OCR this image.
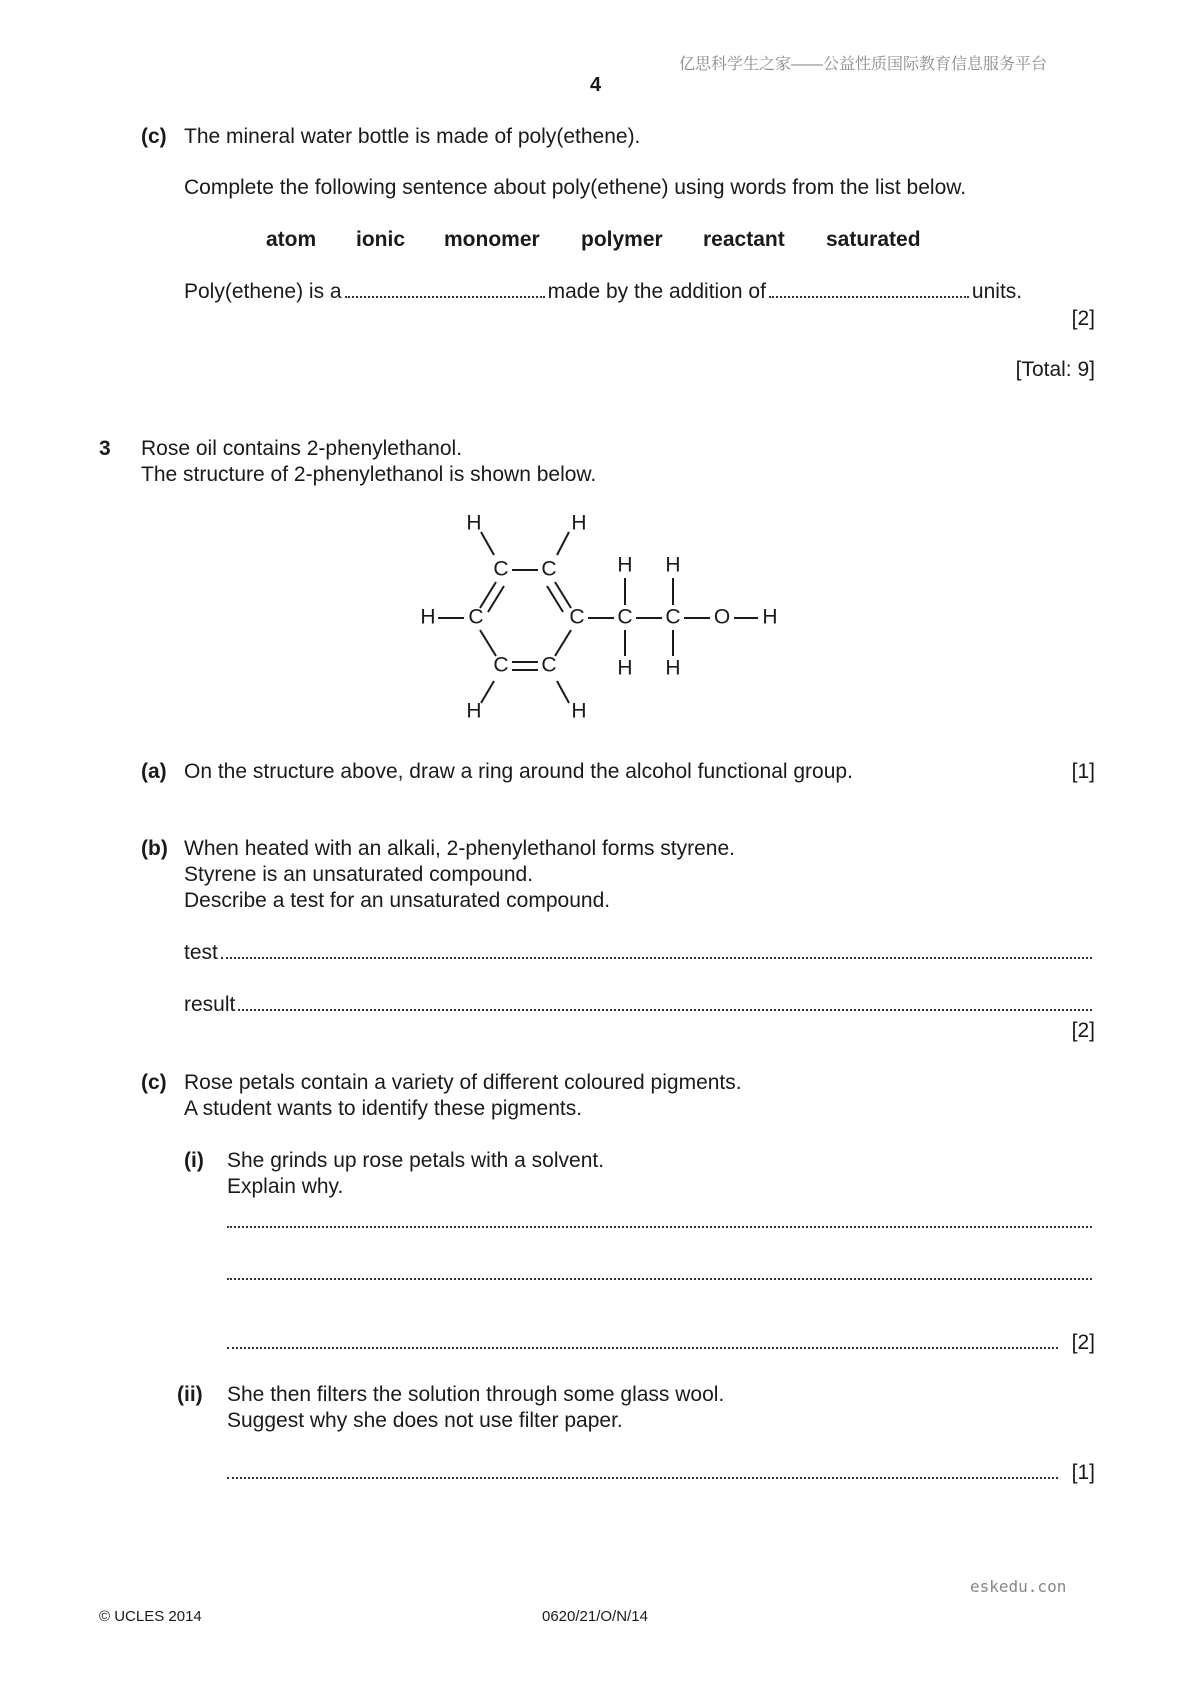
亿思科学生之家——公益性质国际教育信息服务平台
4
(c) The mineral water bottle is made of poly(ethene).
Complete the following sentence about poly(ethene) using words from the list below.
atom ionic monomer polymer reactant saturated
Poly(ethene) is a	made by the addition of	units.
[2]
[Total: 9]
3 Rose oil contains 2-phenylethanol.
The structure of 2-phenylethanol is shown below.
H	H
C C	H H
H C	C C C O H
C C	H H
H	H
(a) On the structure above, draw a ring around the alcohol functional group.	[1]
(b) When heated with an alkali, 2-phenylethanol forms styrene.
Styrene is an unsaturated compound.
Describe a test for an unsaturated compound.
test
result
[2]
(c) Rose petals contain a variety of different coloured pigments.
A student wants to identify these pigments.
(i) She grinds up rose petals with a solvent.
Explain why.
[2]
(ii) She then filters the solution through some glass wool.
Suggest why she does not use filter paper.
[1]
eskedu.con
© UCLES 2014	0620/21/O/N/14
